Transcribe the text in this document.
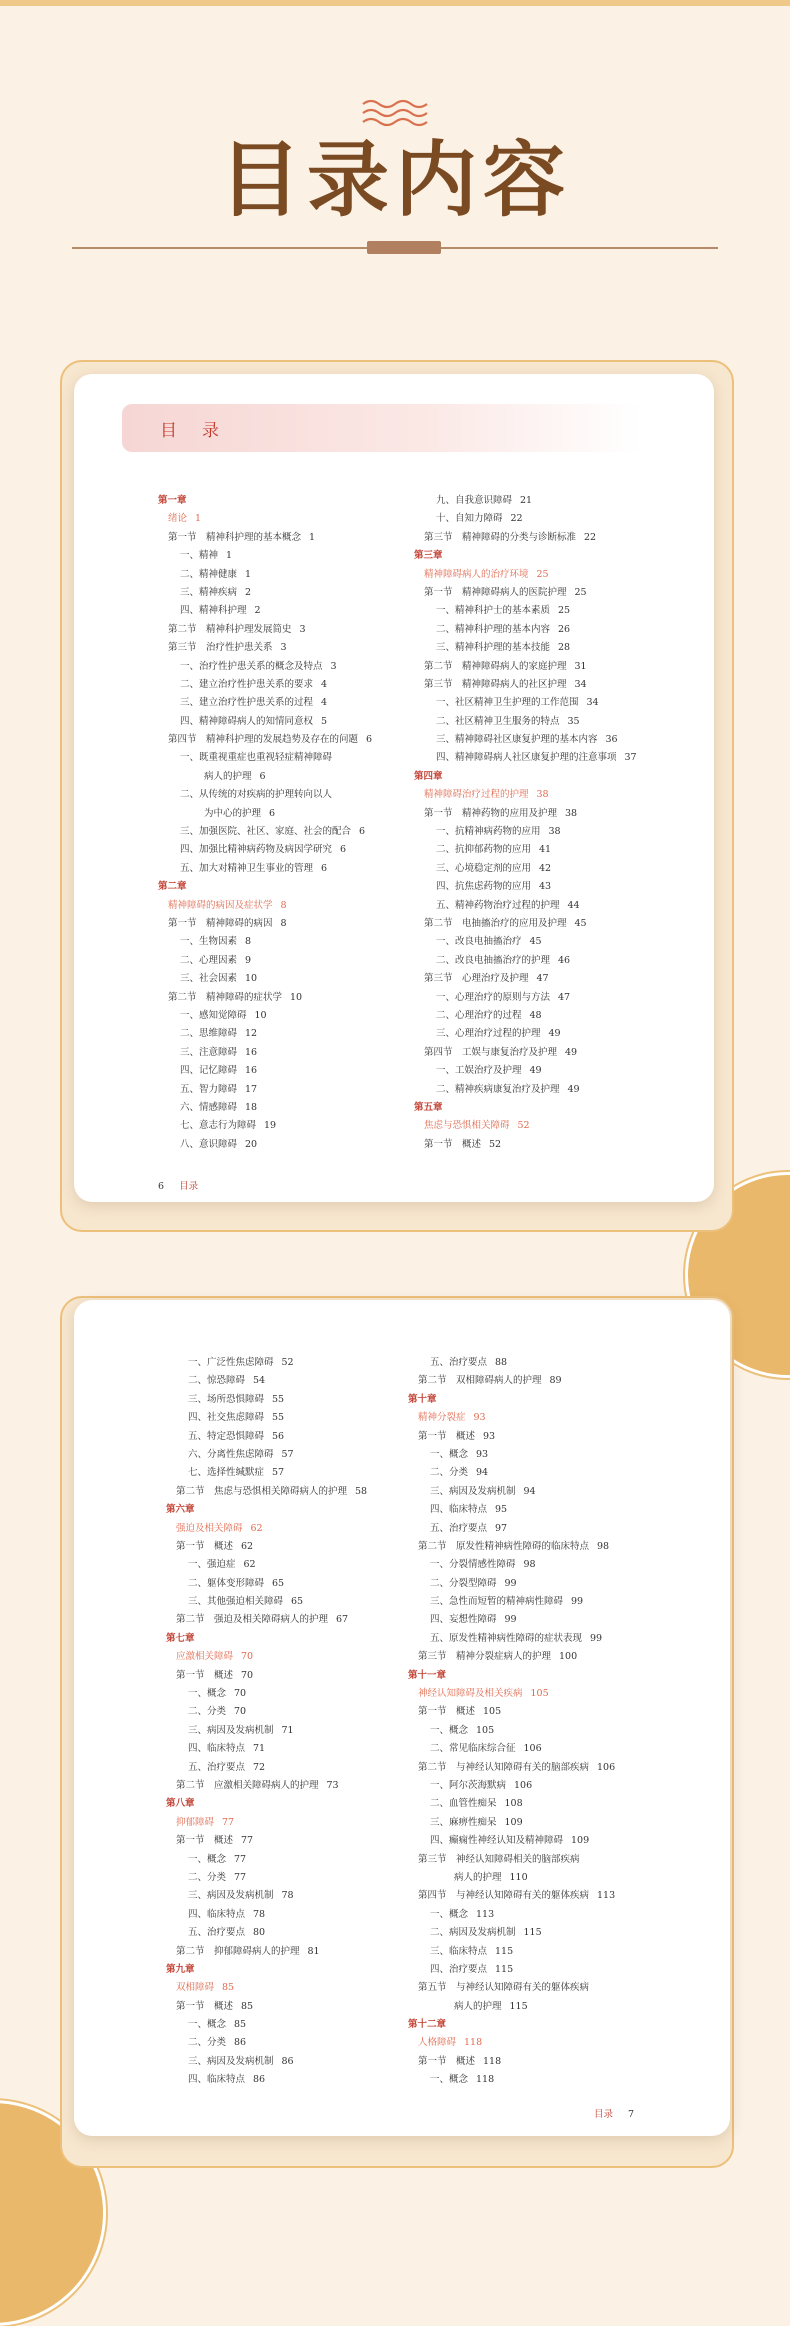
目录内容
目　录
第一章
绪论 1
第一节　精神科护理的基本概念 1
一、精神 1
二、精神健康 1
三、精神疾病 2
四、精神科护理 2
第二节　精神科护理发展简史 3
第三节　治疗性护患关系 3
一、治疗性护患关系的概念及特点 3
二、建立治疗性护患关系的要求 4
三、建立治疗性护患关系的过程 4
四、精神障碍病人的知情同意权 5
第四节　精神科护理的发展趋势及存在的问题 6
一、既重视重症也重视轻症精神障碍
病人的护理 6
二、从传统的对疾病的护理转向以人
为中心的护理 6
三、加强医院、社区、家庭、社会的配合 6
四、加强比精神病药物及病因学研究 6
五、加大对精神卫生事业的管理 6
第二章
精神障碍的病因及症状学 8
第一节　精神障碍的病因 8
一、生物因素 8
二、心理因素 9
三、社会因素 10
第二节　精神障碍的症状学 10
一、感知觉障碍 10
二、思维障碍 12
三、注意障碍 16
四、记忆障碍 16
五、智力障碍 17
六、情感障碍 18
七、意志行为障碍 19
八、意识障碍 20
九、自我意识障碍 21
十、自知力障碍 22
第三节　精神障碍的分类与诊断标准 22
第三章
精神障碍病人的治疗环境 25
第一节　精神障碍病人的医院护理 25
一、精神科护士的基本素质 25
二、精神科护理的基本内容 26
三、精神科护理的基本技能 28
第二节　精神障碍病人的家庭护理 31
第三节　精神障碍病人的社区护理 34
一、社区精神卫生护理的工作范围 34
二、社区精神卫生服务的特点 35
三、精神障碍社区康复护理的基本内容 36
四、精神障碍病人社区康复护理的注意事项 37
第四章
精神障碍治疗过程的护理 38
第一节　精神药物的应用及护理 38
一、抗精神病药物的应用 38
二、抗抑郁药物的应用 41
三、心境稳定剂的应用 42
四、抗焦虑药物的应用 43
五、精神药物治疗过程的护理 44
第二节　电抽搐治疗的应用及护理 45
一、改良电抽搐治疗 45
二、改良电抽搐治疗的护理 46
第三节　心理治疗及护理 47
一、心理治疗的原则与方法 47
二、心理治疗的过程 48
三、心理治疗过程的护理 49
第四节　工娱与康复治疗及护理 49
一、工娱治疗及护理 49
二、精神疾病康复治疗及护理 49
第五章
焦虑与恐惧相关障碍 52
第一节　概述 52
6 目录
一、广泛性焦虑障碍 52
二、惊恐障碍 54
三、场所恐惧障碍 55
四、社交焦虑障碍 55
五、特定恐惧障碍 56
六、分离性焦虑障碍 57
七、选择性缄默症 57
第二节　焦虑与恐惧相关障碍病人的护理 58
第六章
强迫及相关障碍 62
第一节　概述 62
一、强迫症 62
二、躯体变形障碍 65
三、其他强迫相关障碍 65
第二节　强迫及相关障碍病人的护理 67
第七章
应激相关障碍 70
第一节　概述 70
一、概念 70
二、分类 70
三、病因及发病机制 71
四、临床特点 71
五、治疗要点 72
第二节　应激相关障碍病人的护理 73
第八章
抑郁障碍 77
第一节　概述 77
一、概念 77
二、分类 77
三、病因及发病机制 78
四、临床特点 78
五、治疗要点 80
第二节　抑郁障碍病人的护理 81
第九章
双相障碍 85
第一节　概述 85
一、概念 85
二、分类 86
三、病因及发病机制 86
四、临床特点 86
五、治疗要点 88
第二节　双相障碍病人的护理 89
第十章
精神分裂症 93
第一节　概述 93
一、概念 93
二、分类 94
三、病因及发病机制 94
四、临床特点 95
五、治疗要点 97
第二节　原发性精神病性障碍的临床特点 98
一、分裂情感性障碍 98
二、分裂型障碍 99
三、急性而短暂的精神病性障碍 99
四、妄想性障碍 99
五、原发性精神病性障碍的症状表现 99
第三节　精神分裂症病人的护理 100
第十一章
神经认知障碍及相关疾病 105
第一节　概述 105
一、概念 105
二、常见临床综合征 106
第二节　与神经认知障碍有关的脑部疾病 106
一、阿尔茨海默病 106
二、血管性痴呆 108
三、麻痹性痴呆 109
四、癫痫性神经认知及精神障碍 109
第三节　神经认知障碍相关的脑部疾病
病人的护理 110
第四节　与神经认知障碍有关的躯体疾病 113
一、概念 113
二、病因及发病机制 115
三、临床特点 115
四、治疗要点 115
第五节　与神经认知障碍有关的躯体疾病
病人的护理 115
第十二章
人格障碍 118
第一节　概述 118
一、概念 118
目录 7
